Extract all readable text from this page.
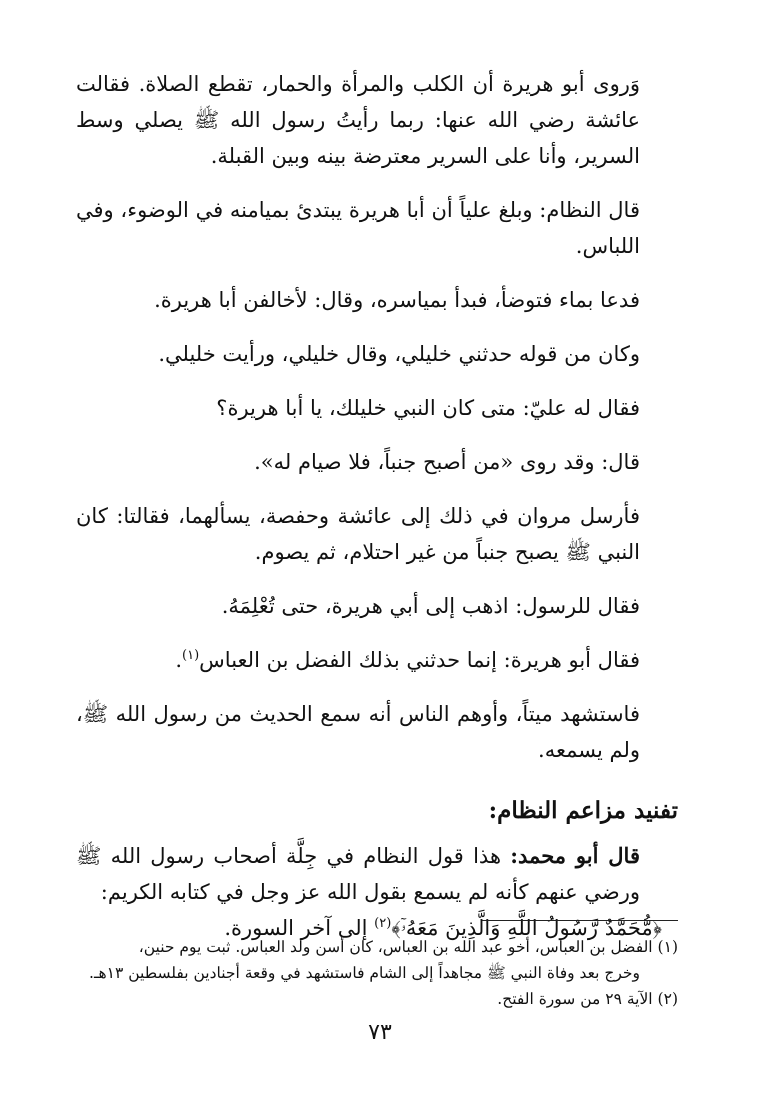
وَروى أبو هريرة أن الكلب والمرأة والحمار، تقطع الصلاة. فقالت عائشة رضي الله عنها: ربما رأيتُ رسول الله ﷺ يصلي وسط السرير، وأنا على السرير معترضة بينه وبين القبلة.

قال النظام: وبلغ علياً أن أبا هريرة يبتدئ بميامنه في الوضوء، وفي اللباس.

فدعا بماء فتوضأ، فبدأ بمياسره، وقال: لأخالفن أبا هريرة.

وكان من قوله حدثني خليلي، وقال خليلي، ورأيت خليلي.

فقال له عليّ: متى كان النبي خليلك، يا أبا هريرة؟

قال: وقد روى «من أصبح جنباً، فلا صيام له».

فأرسل مروان في ذلك إلى عائشة وحفصة، يسألهما، فقالتا: كان النبي ﷺ يصبح جنباً من غير احتلام، ثم يصوم.

فقال للرسول: اذهب إلى أبي هريرة، حتى تُعْلِمَهُ.

فقال أبو هريرة: إنما حدثني بذلك الفضل بن العباس$^{(١)}$.

فاستشهد ميتاً، وأوهم الناس أنه سمع الحديث من رسول الله ﷺ، ولم يسمعه.

تفنيد مزاعم النظام:

قال أبو محمد: هذا قول النظام في جِلَّة أصحاب رسول الله ﷺ ورضي عنهم كأنه لم يسمع بقول الله عز وجل في كتابه الكريم:

﴿مُّحَمَّدٌ رَّسُولُ اللَّهِ وَالَّذِينَ مَعَهُۥٓ﴾$^{(٢)}$ إلى آخر السورة.

(١) الفضل بن العباس، أخو عبد الله بن العباس، كان أسن ولد العباس. ثبت يوم حنين،

وخرج بعد وفاة النبي ﷺ مجاهداً إلى الشام فاستشهد في وقعة أجنادين بفلسطين ١٣هـ.

(٢) الآية ٢٩ من سورة الفتح.

٧٣
